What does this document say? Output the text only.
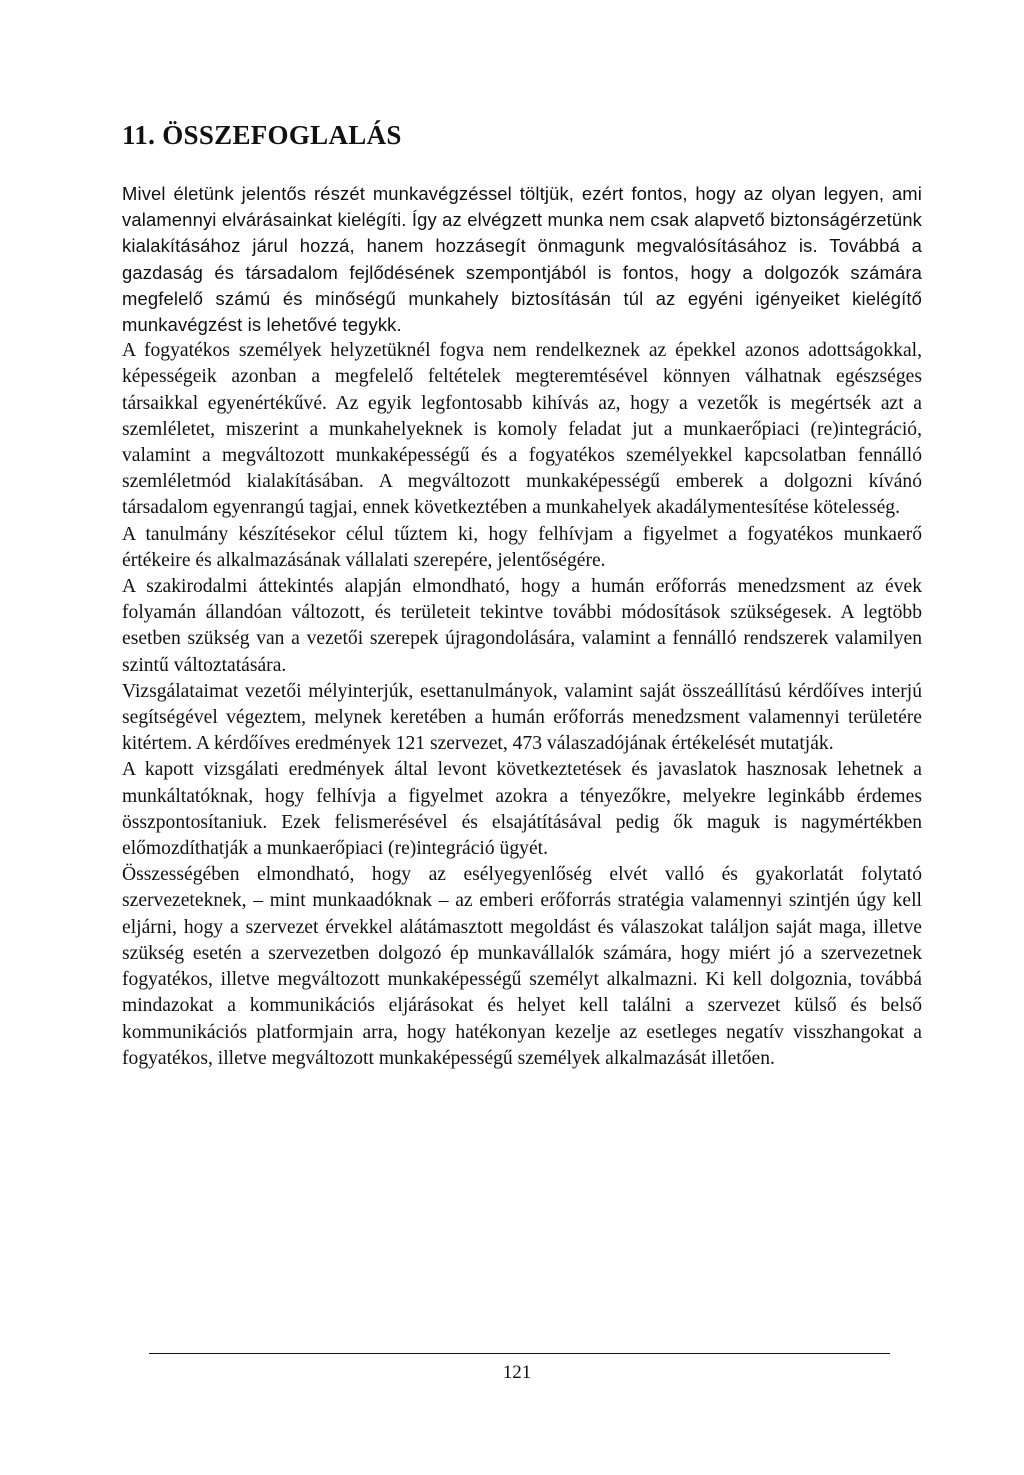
11. ÖSSZEFOGLALÁS

Mivel életünk jelentős részét munkavégzéssel töltjük, ezért fontos, hogy az olyan legyen, ami valamennyi elvárásainkat kielégíti. Így az elvégzett munka nem csak alapvető biztonságérzetünk kialakításához járul hozzá, hanem hozzásegít önmagunk megvalósításához is. Továbbá a gazdaság és társadalom fejlődésének szempontjából is fontos, hogy a dolgozók számára megfelelő számú és minőségű munkahely biztosításán túl az egyéni igényeiket kielégítő munkavégzést is lehetővé tegykk.

A fogyatékos személyek helyzetüknél fogva nem rendelkeznek az épekkel azonos adottságokkal, képességeik azonban a megfelelő feltételek megteremtésével könnyen válhatnak egészséges társaikkal egyenértékűvé. Az egyik legfontosabb kihívás az, hogy a vezetők is megértsék azt a szemléletet, miszerint a munkahelyeknek is komoly feladat jut a munkaerőpiaci (re)integráció, valamint a megváltozott munkaképességű és a fogyatékos személyekkel kapcsolatban fennálló szemléletmód kialakításában. A megváltozott munkaképességű emberek a dolgozni kívánó társadalom egyenrangú tagjai, ennek következtében a munkahelyek akadálymentesítése kötelesség.

A tanulmány készítésekor célul tűztem ki, hogy felhívjam a figyelmet a fogyatékos munkaerő értékeire és alkalmazásának vállalati szerepére, jelentőségére.

A szakirodalmi áttekintés alapján elmondható, hogy a humán erőforrás menedzsment az évek folyamán állandóan változott, és területeit tekintve további módosítások szükségesek. A legtöbb esetben szükség van a vezetői szerepek újragondolására, valamint a fennálló rendszerek valamilyen szintű változtatására.

Vizsgálataimat vezetői mélyinterjúk, esettanulmányok, valamint saját összeállítású kérdőíves interjú segítségével végeztem, melynek keretében a humán erőforrás menedzsment valamennyi területére kitértem. A kérdőíves eredmények 121 szervezet, 473 válaszadójának értékelését mutatják.

A kapott vizsgálati eredmények által levont következtetések és javaslatok hasznosak lehetnek a munkáltatóknak, hogy felhívja a figyelmet azokra a tényezőkre, melyekre leginkább érdemes összpontosítaniuk. Ezek felismerésével és elsajátításával pedig ők maguk is nagymértékben előmozdíthatják a munkaerőpiaci (re)integráció ügyét.

Összességében elmondható, hogy az esélyegyenlőség elvét valló és gyakorlatát folytató szervezeteknek, – mint munkaadóknak – az emberi erőforrás stratégia valamennyi szintjén úgy kell eljárni, hogy a szervezet érvekkel alátámasztott megoldást és válaszokat találjon saját maga, illetve szükség esetén a szervezetben dolgozó ép munkavállalók számára, hogy miért jó a szervezetnek fogyatékos, illetve megváltozott munkaképességű személyt alkalmazni. Ki kell dolgoznia, továbbá mindazokat a kommunikációs eljárásokat és helyet kell találni a szervezet külső és belső kommunikációs platformjain arra, hogy hatékonyan kezelje az esetleges negatív visszhangokat a fogyatékos, illetve megváltozott munkaképességű személyek alkalmazását illetően.

121
